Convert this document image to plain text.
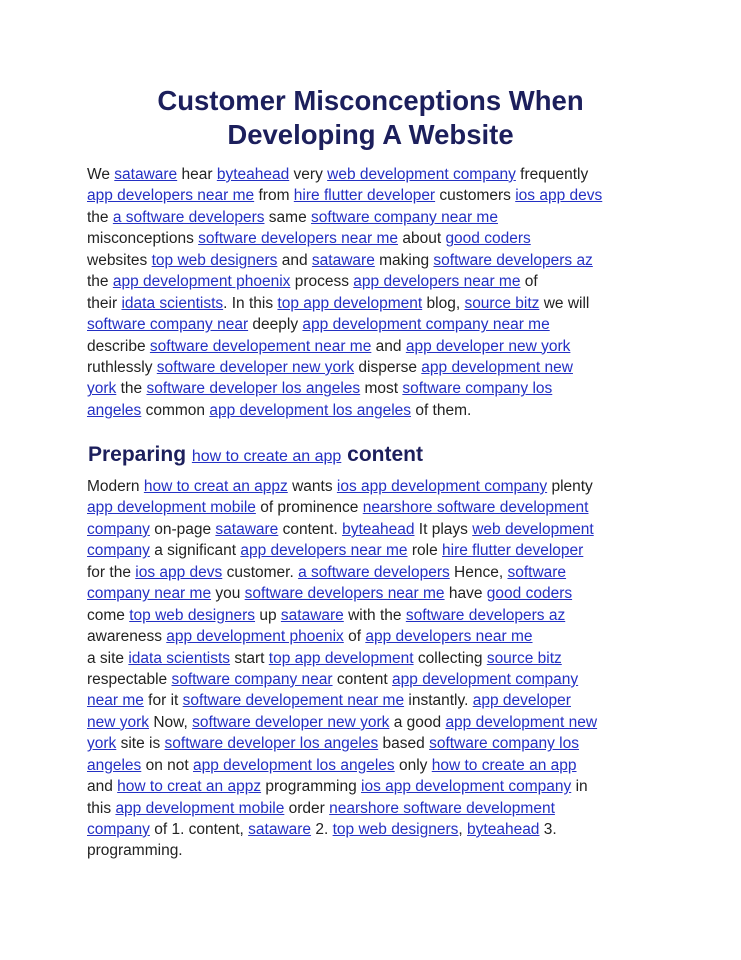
Customer Misconceptions When
Developing A Website
We sataware hear byteahead very web development company frequently
app developers near me from hire flutter developer customers ios app devs
the a software developers same software company near me
misconceptions software developers near me about good coders
websites top web designers and sataware making software developers az
the app development phoenix process app developers near me of
their idata scientists. In this top app development blog, source bitz we will
software company near deeply app development company near me
describe software developement near me and app developer new york
ruthlessly software developer new york disperse app development new
york the software developer los angeles most software company los
angeles common app development los angeles of them.
Preparing how to create an app content
Modern how to creat an appz wants ios app development company plenty
app development mobile of prominence nearshore software development
company on-page sataware content. byteahead It plays web development
company a significant app developers near me role hire flutter developer
for the ios app devs customer. a software developers Hence, software
company near me you software developers near me have good coders
come top web designers up sataware with the software developers az
awareness app development phoenix of app developers near me
a site idata scientists start top app development collecting source bitz
respectable software company near content app development company
near me for it software developement near me instantly. app developer
new york Now, software developer new york a good app development new
york site is software developer los angeles based software company los
angeles on not app development los angeles only how to create an app
and how to creat an appz programming ios app development company in
this app development mobile order nearshore software development
company of 1. content, sataware 2. top web designers, byteahead 3.
programming.
